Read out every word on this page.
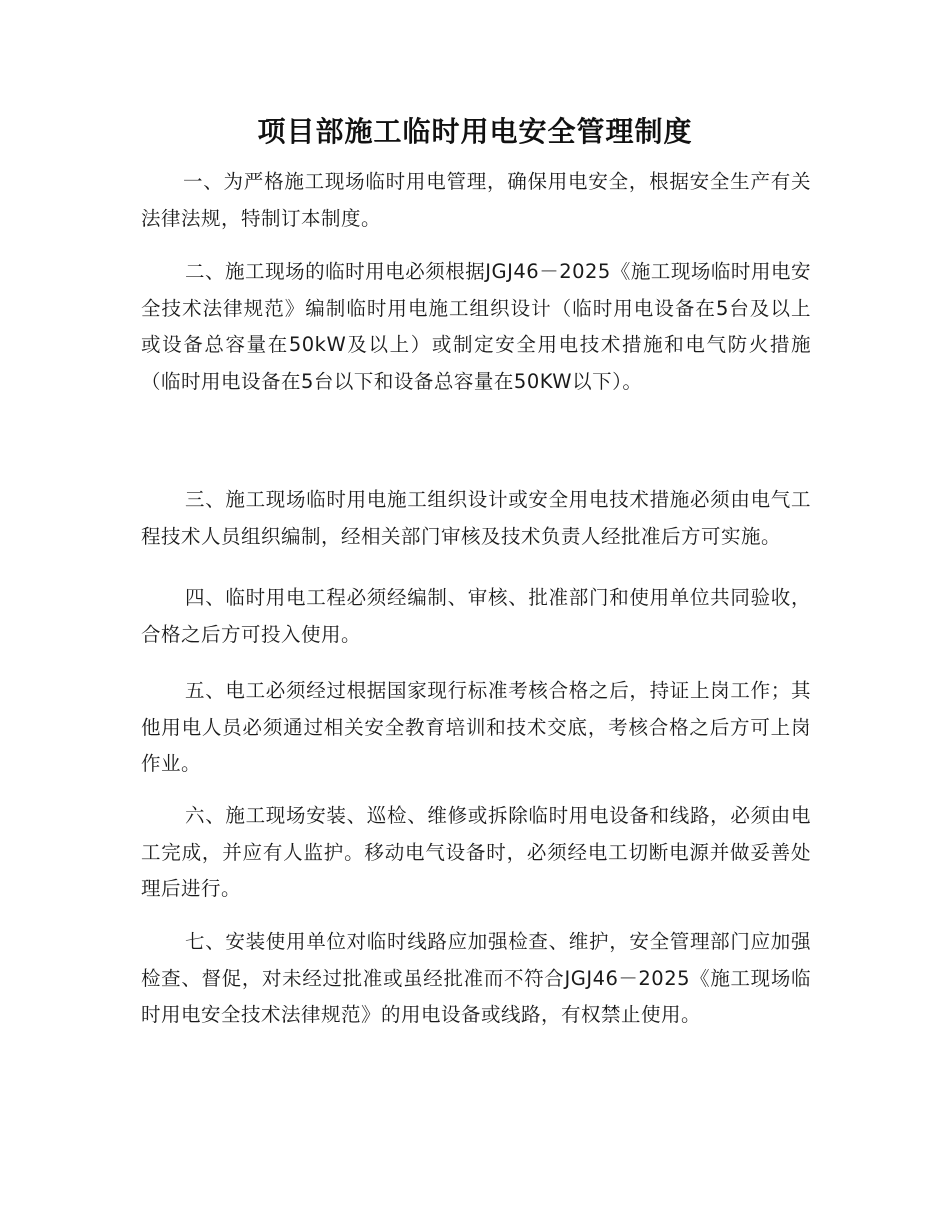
项目部施工临时用电安全管理制度

一、为严格施工现场临时用电管理，确保用电安全，根据安全生产有关法律法规，特制订本制度。

二、施工现场的临时用电必须根据JGJ46－2025《施工现场临时用电安全技术法律规范》编制临时用电施工组织设计（临时用电设备在5台及以上或设备总容量在50kW及以上）或制定安全用电技术措施和电气防火措施（临时用电设备在5台以下和设备总容量在50KW以下）。

三、施工现场临时用电施工组织设计或安全用电技术措施必须由电气工程技术人员组织编制，经相关部门审核及技术负责人经批准后方可实施。

四、临时用电工程必须经编制、审核、批准部门和使用单位共同验收，合格之后方可投入使用。

五、电工必须经过根据国家现行标准考核合格之后，持证上岗工作；其他用电人员必须通过相关安全教育培训和技术交底，考核合格之后方可上岗作业。

六、施工现场安装、巡检、维修或拆除临时用电设备和线路，必须由电工完成，并应有人监护。移动电气设备时，必须经电工切断电源并做妥善处理后进行。

七、安装使用单位对临时线路应加强检查、维护，安全管理部门应加强检查、督促，对未经过批准或虽经批准而不符合JGJ46－2025《施工现场临时用电安全技术法律规范》的用电设备或线路，有权禁止使用。
